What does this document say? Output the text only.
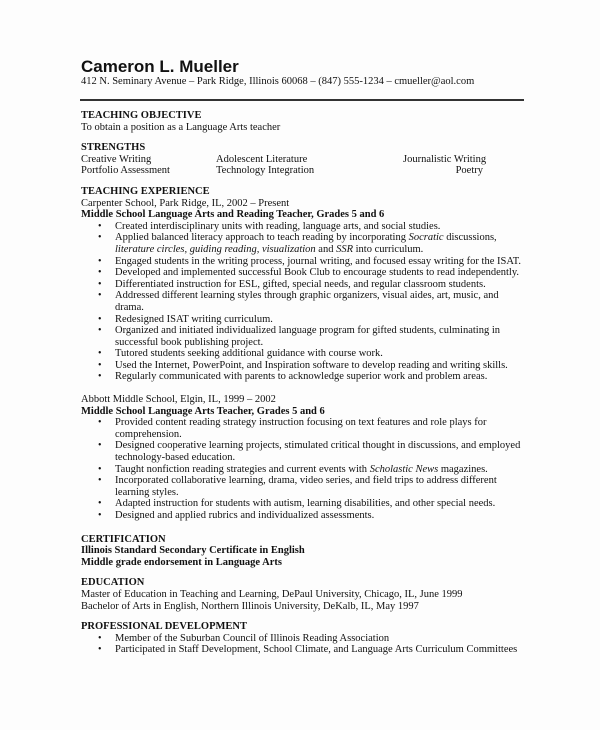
Cameron L. Mueller

412 N. Seminary Avenue – Park Ridge, Illinois 60068 – (847) 555-1234 – cmueller@aol.com

TEACHING OBJECTIVE

To obtain a position as a Language Arts teacher

STRENGTHS

Creative Writing	Adolescent Literature	Journalistic Writing
Portfolio Assessment	Technology Integration	Poetry

TEACHING EXPERIENCE

Carpenter School, Park Ridge, IL, 2002 – Present

Middle School Language Arts and Reading Teacher, Grades 5 and 6

• Created interdisciplinary units with reading, language arts, and social studies.
• Applied balanced literacy approach to teach reading by incorporating Socratic discussions, literature circles, guiding reading, visualization and SSR into curriculum.
• Engaged students in the writing process, journal writing, and focused essay writing for the ISAT.
• Developed and implemented successful Book Club to encourage students to read independently.
• Differentiated instruction for ESL, gifted, special needs, and regular classroom students.
• Addressed different learning styles through graphic organizers, visual aides, art, music, and drama.
• Redesigned ISAT writing curriculum.
• Organized and initiated individualized language program for gifted students, culminating in successful book publishing project.
• Tutored students seeking additional guidance with course work.
• Used the Internet, PowerPoint, and Inspiration software to develop reading and writing skills.
• Regularly communicated with parents to acknowledge superior work and problem areas.

Abbott Middle School, Elgin, IL, 1999 – 2002

Middle School Language Arts Teacher, Grades 5 and 6

• Provided content reading strategy instruction focusing on text features and role plays for comprehension.
• Designed cooperative learning projects, stimulated critical thought in discussions, and employed technology-based education.
• Taught nonfiction reading strategies and current events with Scholastic News magazines.
• Incorporated collaborative learning, drama, video series, and field trips to address different learning styles.
• Adapted instruction for students with autism, learning disabilities, and other special needs.
• Designed and applied rubrics and individualized assessments.

CERTIFICATION

Illinois Standard Secondary Certificate in English

Middle grade endorsement in Language Arts

EDUCATION

Master of Education in Teaching and Learning, DePaul University, Chicago, IL, June 1999

Bachelor of Arts in English, Northern Illinois University, DeKalb, IL, May 1997

PROFESSIONAL DEVELOPMENT

• Member of the Suburban Council of Illinois Reading Association
• Participated in Staff Development, School Climate, and Language Arts Curriculum Committees
